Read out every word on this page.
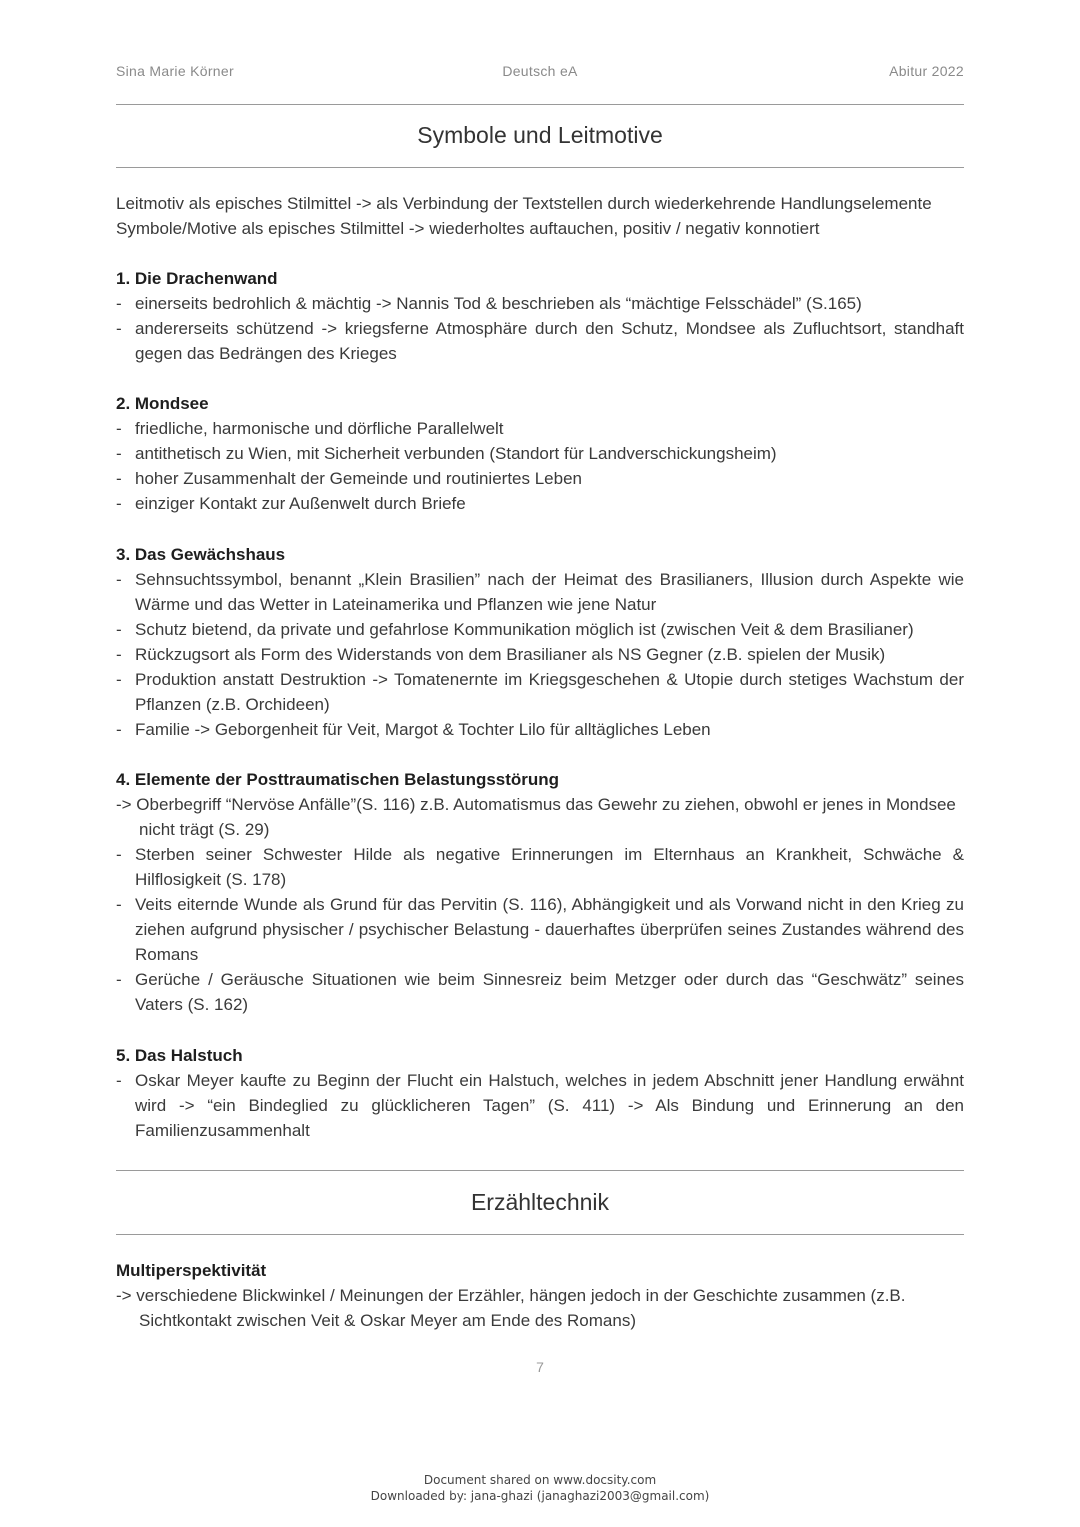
Sina Marie Körner	Deutsch eA	Abitur 2022
Symbole und Leitmotive

Leitmotiv als episches Stilmittel -> als Verbindung der Textstellen durch wiederkehrende Handlungselemente

Symbole/Motive als episches Stilmittel -> wiederholtes auftauchen, positiv / negativ konnotiert

1. Die Drachenwand

- einerseits bedrohlich & mächtig -> Nannis Tod & beschrieben als “mächtige Felsschädel” (S.165)
- andererseits schützend -> kriegsferne Atmosphäre durch den Schutz, Mondsee als Zufluchtsort, standhaft gegen das Bedrängen des Krieges

2. Mondsee

- friedliche, harmonische und dörfliche Parallelwelt
- antithetisch zu Wien, mit Sicherheit verbunden (Standort für Landverschickungsheim)
- hoher Zusammenhalt der Gemeinde und routiniertes Leben
- einziger Kontakt zur Außenwelt durch Briefe

3. Das Gewächshaus

- Sehnsuchtssymbol, benannt „Klein Brasilien” nach der Heimat des Brasilianers, Illusion durch Aspekte wie Wärme und das Wetter in Lateinamerika und Pflanzen wie jene Natur
- Schutz bietend, da private und gefahrlose Kommunikation möglich ist (zwischen Veit & dem Brasilianer)
- Rückzugsort als Form des Widerstands von dem Brasilianer als NS Gegner (z.B. spielen der Musik)
- Produktion anstatt Destruktion -> Tomatenernte im Kriegsgeschehen & Utopie durch stetiges Wachstum der Pflanzen (z.B. Orchideen)
- Familie -> Geborgenheit für Veit, Margot & Tochter Lilo für alltägliches Leben

4. Elemente der Posttraumatischen Belastungsstörung

-> Oberbegriff “Nervöse Anfälle”(S. 116) z.B. Automatismus das Gewehr zu ziehen, obwohl er jenes in Mondsee nicht trägt (S. 29)
- Sterben seiner Schwester Hilde als negative Erinnerungen im Elternhaus an Krankheit, Schwäche & Hilflosigkeit (S. 178)
- Veits eiternde Wunde als Grund für das Pervitin (S. 116), Abhängigkeit und als Vorwand nicht in den Krieg zu ziehen aufgrund physischer / psychischer Belastung - dauerhaftes überprüfen seines Zustandes während des Romans
- Gerüche / Geräusche Situationen wie beim Sinnesreiz beim Metzger oder durch das “Geschwätz” seines Vaters (S. 162)

5. Das Halstuch

- Oskar Meyer kaufte zu Beginn der Flucht ein Halstuch, welches in jedem Abschnitt jener Handlung erwähnt wird -> “ein Bindeglied zu glücklicheren Tagen” (S. 411) -> Als Bindung und Erinnerung an den Familienzusammenhalt
Erzähltechnik

Multiperspektivität

-> verschiedene Blickwinkel / Meinungen der Erzähler, hängen jedoch in der Geschichte zusammen (z.B. Sichtkontakt zwischen Veit & Oskar Meyer am Ende des Romans)
7
Document shared on www.docsity.com
Downloaded by: jana-ghazi (janaghazi2003@gmail.com)
